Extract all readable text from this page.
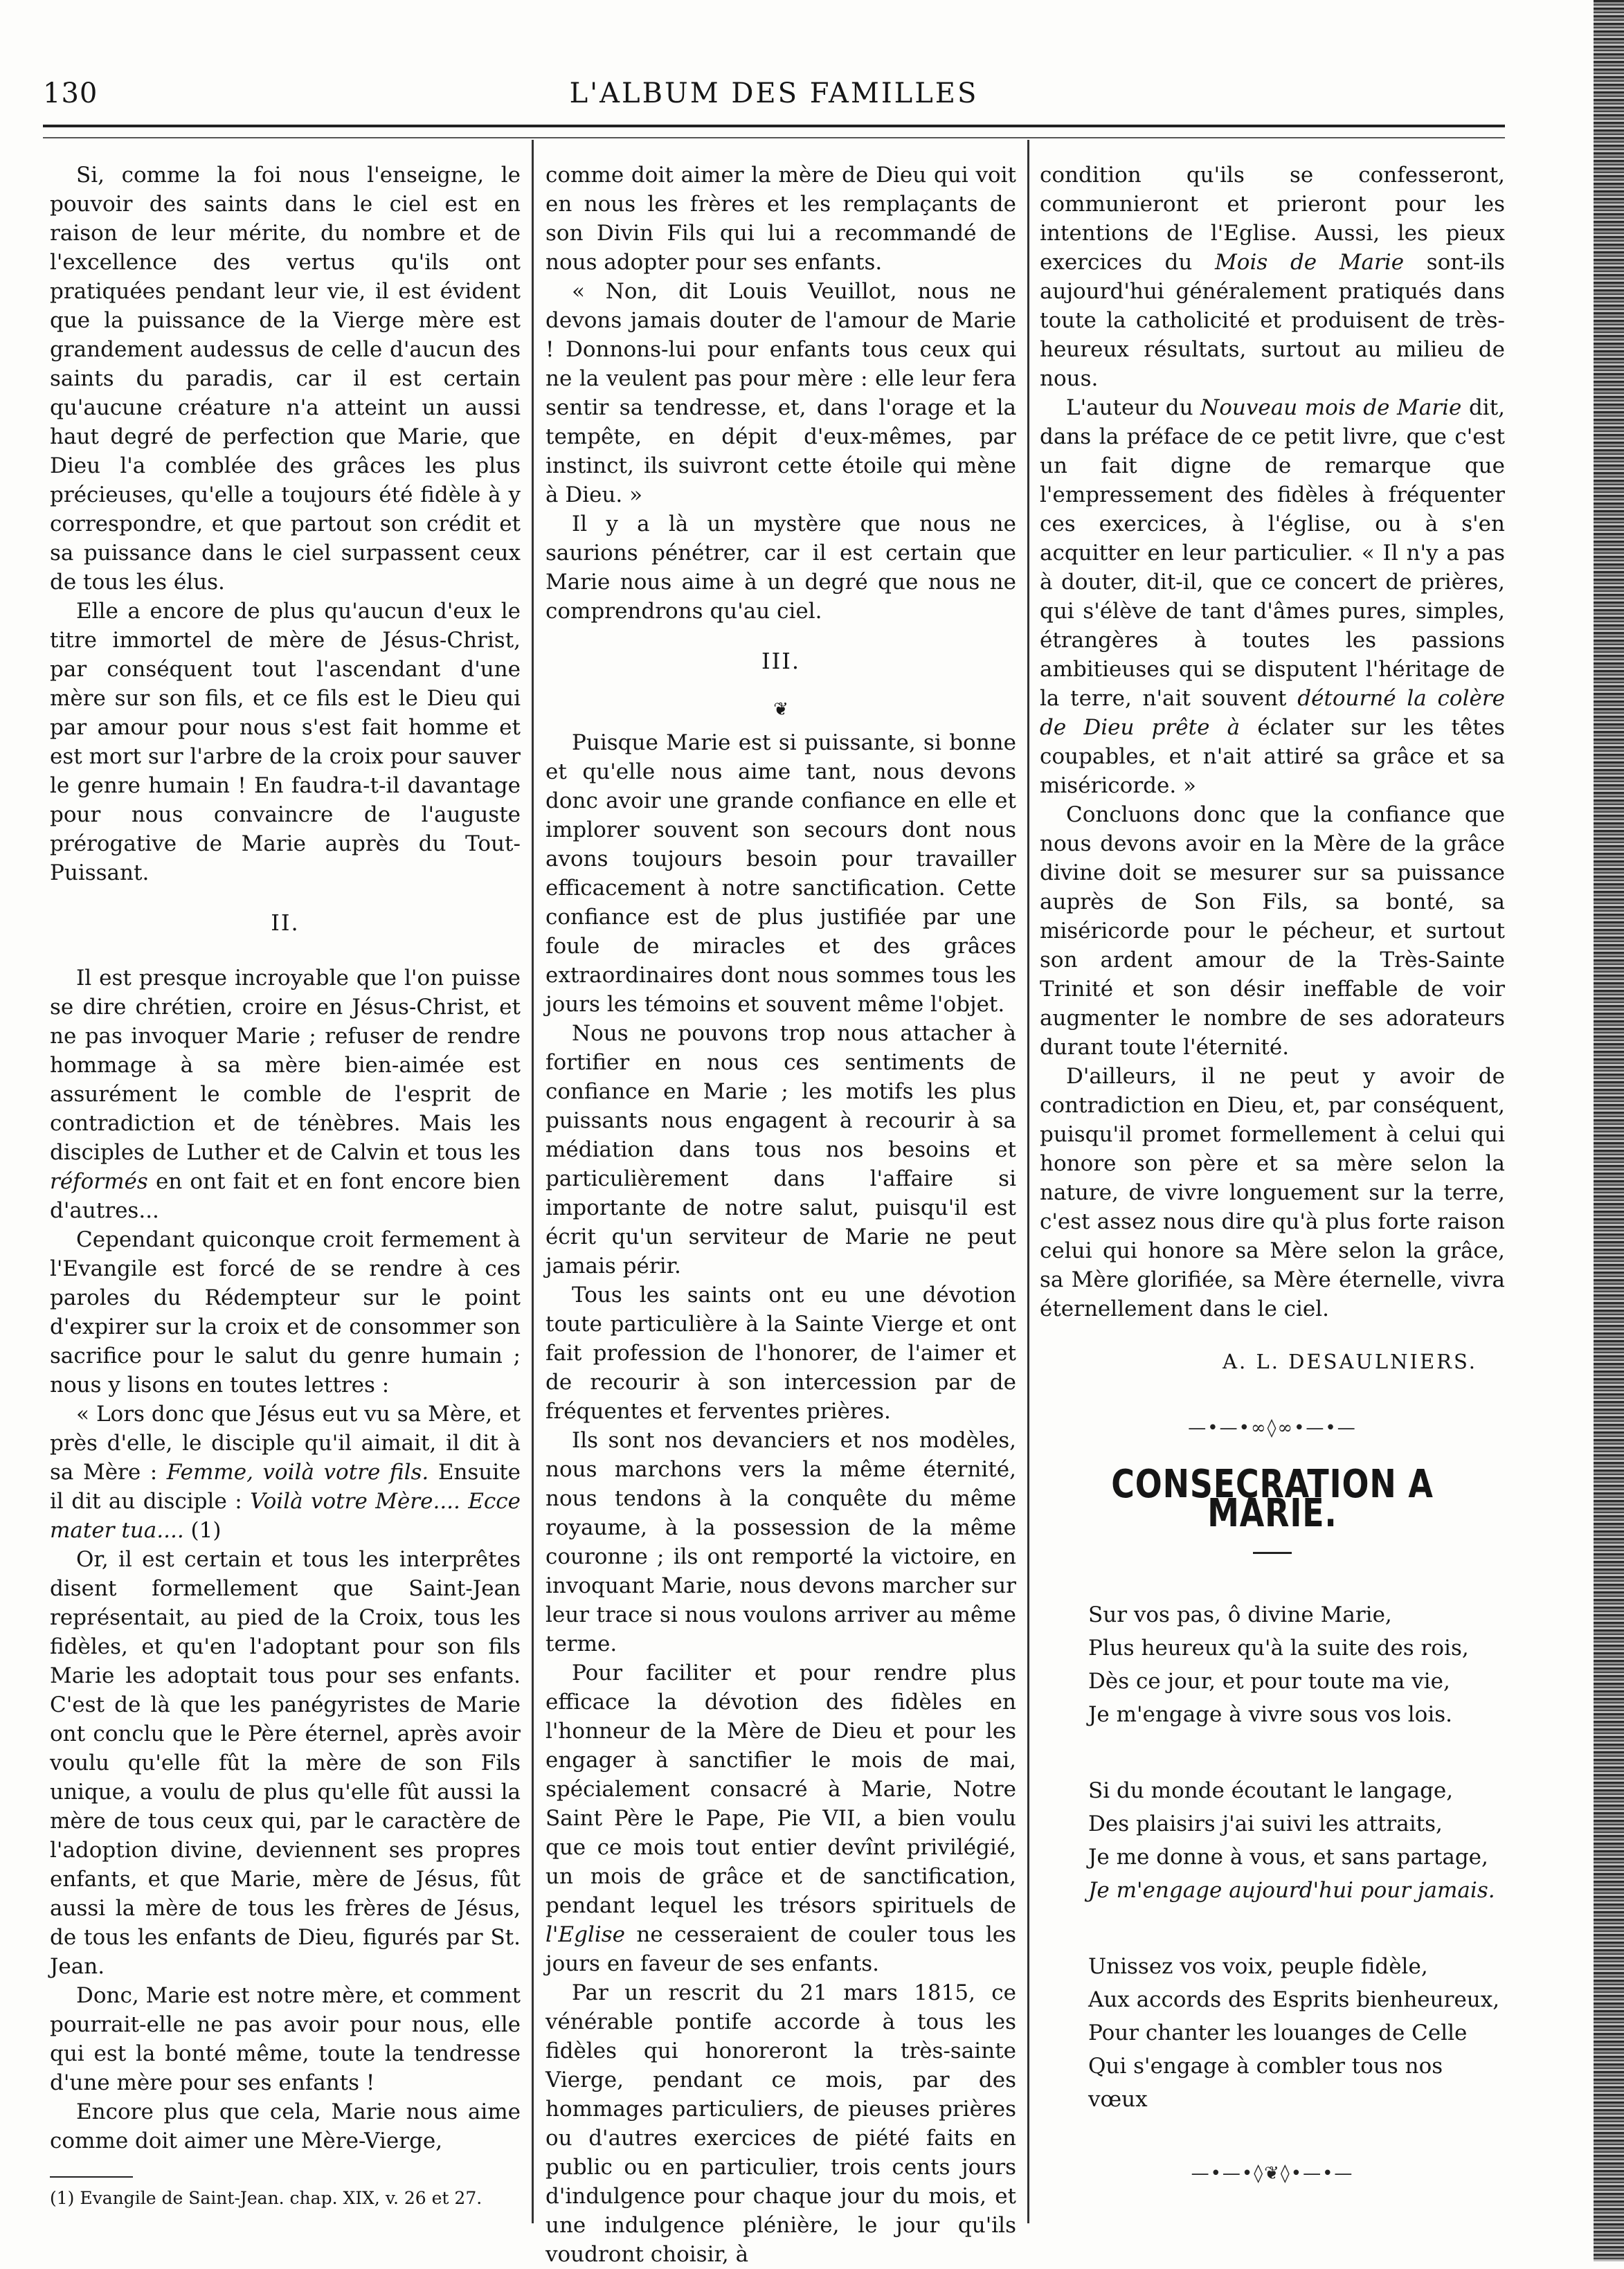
130	L'ALBUM DES FAMILLES

Si, comme la foi nous l'enseigne, le pouvoir des saints dans le ciel est en raison de leur mérite, du nombre et de l'excellence des vertus qu'ils ont pratiquées pendant leur vie, il est évident que la puissance de la Vierge mère est grandement audessus de celle d'aucun des saints du paradis, car il est certain qu'aucune créature n'a atteint un aussi haut degré de perfection que Marie, que Dieu l'a comblée des grâces les plus précieuses, qu'elle a toujours été fidèle à y correspondre, et que partout son crédit et sa puissance dans le ciel surpassent ceux de tous les élus.

Elle a encore de plus qu'aucun d'eux le titre immortel de mère de Jésus-Christ, par conséquent tout l'ascendant d'une mère sur son fils, et ce fils est le Dieu qui par amour pour nous s'est fait homme et est mort sur l'arbre de la croix pour sauver le genre humain ! En faudra-t-il davantage pour nous convaincre de l'auguste prérogative de Marie auprès du Tout-Puissant.

II.

Il est presque incroyable que l'on puisse se dire chrétien, croire en Jésus-Christ, et ne pas invoquer Marie ; refuser de rendre hommage à sa mère bien-aimée est assurément le comble de l'esprit de contradiction et de ténèbres. Mais les disciples de Luther et de Calvin et tous les réformés en ont fait et en font encore bien d'autres...

Cependant quiconque croit fermement à l'Evangile est forcé de se rendre à ces paroles du Rédempteur sur le point d'expirer sur la croix et de consommer son sacrifice pour le salut du genre humain ; nous y lisons en toutes lettres :

« Lors donc que Jésus eut vu sa Mère, et près d'elle, le disciple qu'il aimait, il dit à sa Mère : Femme, voilà votre fils. Ensuite il dit au disciple : Voilà votre Mère.... Ecce mater tua.... (1)

Or, il est certain et tous les interprêtes disent formellement que Saint-Jean représentait, au pied de la Croix, tous les fidèles, et qu'en l'adoptant pour son fils Marie les adoptait tous pour ses enfants. C'est de là que les panégyristes de Marie ont conclu que le Père éternel, après avoir voulu qu'elle fût la mère de son Fils unique, a voulu de plus qu'elle fût aussi la mère de tous ceux qui, par le caractère de l'adoption divine, deviennent ses propres enfants, et que Marie, mère de Jésus, fût aussi la mère de tous les frères de Jésus, de tous les enfants de Dieu, figurés par St. Jean.

Donc, Marie est notre mère, et comment pourrait-elle ne pas avoir pour nous, elle qui est la bonté même, toute la tendresse d'une mère pour ses enfants !

Encore plus que cela, Marie nous aime comme doit aimer une Mère-Vierge,

(1) Evangile de Saint-Jean. chap. XIX, v. 26 et 27.

comme doit aimer la mère de Dieu qui voit en nous les frères et les remplaçants de son Divin Fils qui lui a recommandé de nous adopter pour ses enfants.

« Non, dit Louis Veuillot, nous ne devons jamais douter de l'amour de Marie ! Donnons-lui pour enfants tous ceux qui ne la veulent pas pour mère : elle leur fera sentir sa tendresse, et, dans l'orage et la tempête, en dépit d'eux-mêmes, par instinct, ils suivront cette étoile qui mène à Dieu. »

Il y a là un mystère que nous ne saurions pénétrer, car il est certain que Marie nous aime à un degré que nous ne comprendrons qu'au ciel.

III.
❦

Puisque Marie est si puissante, si bonne et qu'elle nous aime tant, nous devons donc avoir une grande confiance en elle et implorer souvent son secours dont nous avons toujours besoin pour travailler efficacement à notre sanctification. Cette confiance est de plus justifiée par une foule de miracles et des grâces extraordinaires dont nous sommes tous les jours les témoins et souvent même l'objet.

Nous ne pouvons trop nous attacher à fortifier en nous ces sentiments de confiance en Marie ; les motifs les plus puissants nous engagent à recourir à sa médiation dans tous nos besoins et particulièrement dans l'affaire si importante de notre salut, puisqu'il est écrit qu'un serviteur de Marie ne peut jamais périr.

Tous les saints ont eu une dévotion toute particulière à la Sainte Vierge et ont fait profession de l'honorer, de l'aimer et de recourir à son intercession par de fréquentes et ferventes prières.

Ils sont nos devanciers et nos modèles, nous marchons vers la même éternité, nous tendons à la conquête du même royaume, à la possession de la même couronne ; ils ont remporté la victoire, en invoquant Marie, nous devons marcher sur leur trace si nous voulons arriver au même terme.

Pour faciliter et pour rendre plus efficace la dévotion des fidèles en l'honneur de la Mère de Dieu et pour les engager à sanctifier le mois de mai, spécialement consacré à Marie, Notre Saint Père le Pape, Pie VII, a bien voulu que ce mois tout entier devînt privilégié, un mois de grâce et de sanctification, pendant lequel les trésors spirituels de l'Eglise ne cesseraient de couler tous les jours en faveur de ses enfants.

Par un rescrit du 21 mars 1815, ce vénérable pontife accorde à tous les fidèles qui honoreront la très-sainte Vierge, pendant ce mois, par des hommages particuliers, de pieuses prières ou d'autres exercices de piété faits en public ou en particulier, trois cents jours d'indulgence pour chaque jour du mois, et une indulgence plénière, le jour qu'ils voudront choisir, à

condition qu'ils se confesseront, communieront et prieront pour les intentions de l'Eglise. Aussi, les pieux exercices du Mois de Marie sont-ils aujourd'hui généralement pratiqués dans toute la catholicité et produisent de très-heureux résultats, surtout au milieu de nous.

L'auteur du Nouveau mois de Marie dit, dans la préface de ce petit livre, que c'est un fait digne de remarque que l'empressement des fidèles à fréquenter ces exercices, à l'église, ou à s'en acquitter en leur particulier. « Il n'y a pas à douter, dit-il, que ce concert de prières, qui s'élève de tant d'âmes pures, simples, étrangères à toutes les passions ambitieuses qui se disputent l'héritage de la terre, n'ait souvent détourné la colère de Dieu prête à éclater sur les têtes coupables, et n'ait attiré sa grâce et sa miséricorde. »

Concluons donc que la confiance que nous devons avoir en la Mère de la grâce divine doit se mesurer sur sa puissance auprès de Son Fils, sa bonté, sa miséricorde pour le pécheur, et surtout son ardent amour de la Très-Sainte Trinité et son désir ineffable de voir augmenter le nombre de ses adorateurs durant toute l'éternité.

D'ailleurs, il ne peut y avoir de contradiction en Dieu, et, par conséquent, puisqu'il promet formellement à celui qui honore son père et sa mère selon la nature, de vivre longuement sur la terre, c'est assez nous dire qu'à plus forte raison celui qui honore sa Mère selon la grâce, sa Mère glorifiée, sa Mère éternelle, vivra éternellement dans le ciel.

A. L. DESAULNIERS.
—•—•∞◊∞•—•—
CONSECRATION A MARIE.
Sur vos pas, ô divine Marie,
Plus heureux qu'à la suite des rois,
Dès ce jour, et pour toute ma vie,
Je m'engage à vivre sous vos lois.
Si du monde écoutant le langage,
Des plaisirs j'ai suivi les attraits,
Je me donne à vous, et sans partage,
Je m'engage aujourd'hui pour jamais.
Unissez vos voix, peuple fidèle,
Aux accords des Esprits bienheureux,
Pour chanter les louanges de Celle
Qui s'engage à combler tous nos vœux
—•—•◊❦◊•—•—
